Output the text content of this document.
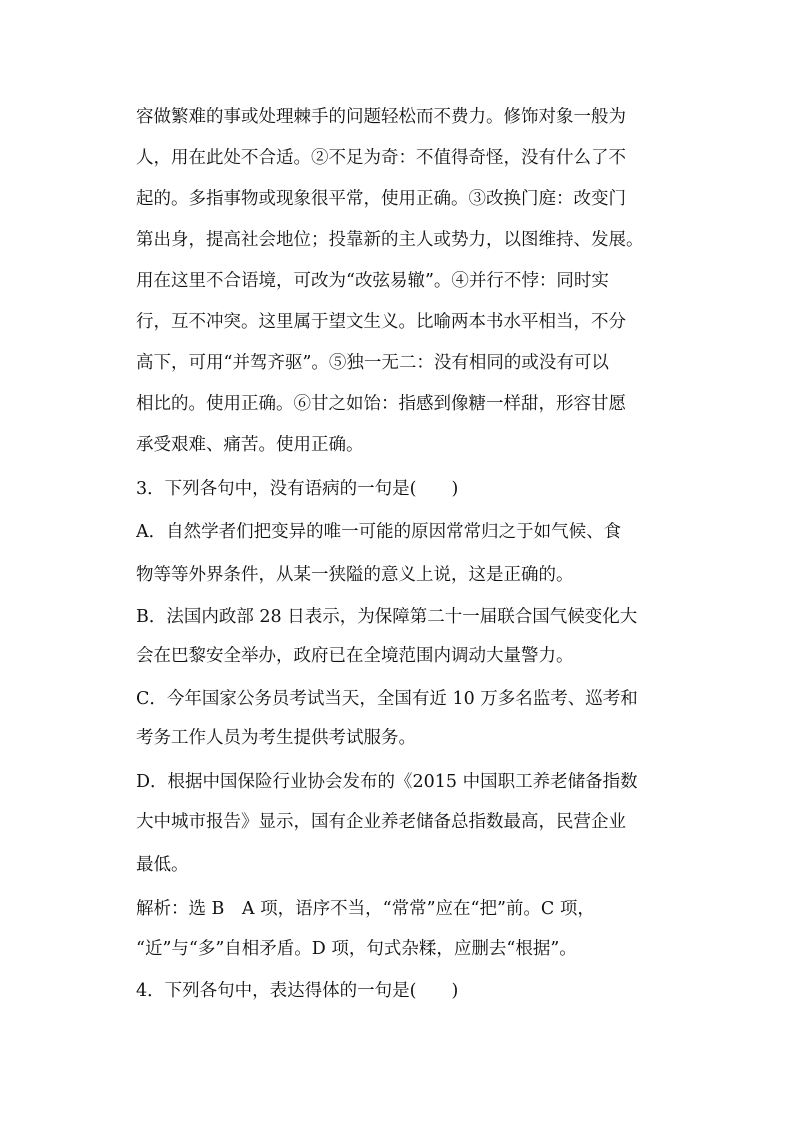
容做繁难的事或处理棘手的问题轻松而不费力。修饰对象一般为
人，用在此处不合适。②不足为奇：不值得奇怪，没有什么了不
起的。多指事物或现象很平常，使用正确。③改换门庭：改变门
第出身，提高社会地位；投靠新的主人或势力，以图维持、发展。
用在这里不合语境，可改为“改弦易辙”。④并行不悖：同时实
行，互不冲突。这里属于望文生义。比喻两本书水平相当，不分
高下，可用“并驾齐驱”。⑤独一无二：没有相同的或没有可以
相比的。使用正确。⑥甘之如饴：指感到像糖一样甜，形容甘愿
承受艰难、痛苦。使用正确。
3．下列各句中，没有语病的一句是(　　)
A．自然学者们把变异的唯一可能的原因常常归之于如气候、食
物等等外界条件，从某一狭隘的意义上说，这是正确的。
B．法国内政部 28 日表示，为保障第二十一届联合国气候变化大
会在巴黎安全举办，政府已在全境范围内调动大量警力。
C．今年国家公务员考试当天，全国有近 10 万多名监考、巡考和
考务工作人员为考生提供考试服务。
D．根据中国保险行业协会发布的《2015 中国职工养老储备指数
大中城市报告》显示，国有企业养老储备总指数最高，民营企业
最低。
解析：选 B　A 项，语序不当，“常常”应在“把”前。C 项，
“近”与“多”自相矛盾。D 项，句式杂糅，应删去“根据”。
4．下列各句中，表达得体的一句是(　　)
